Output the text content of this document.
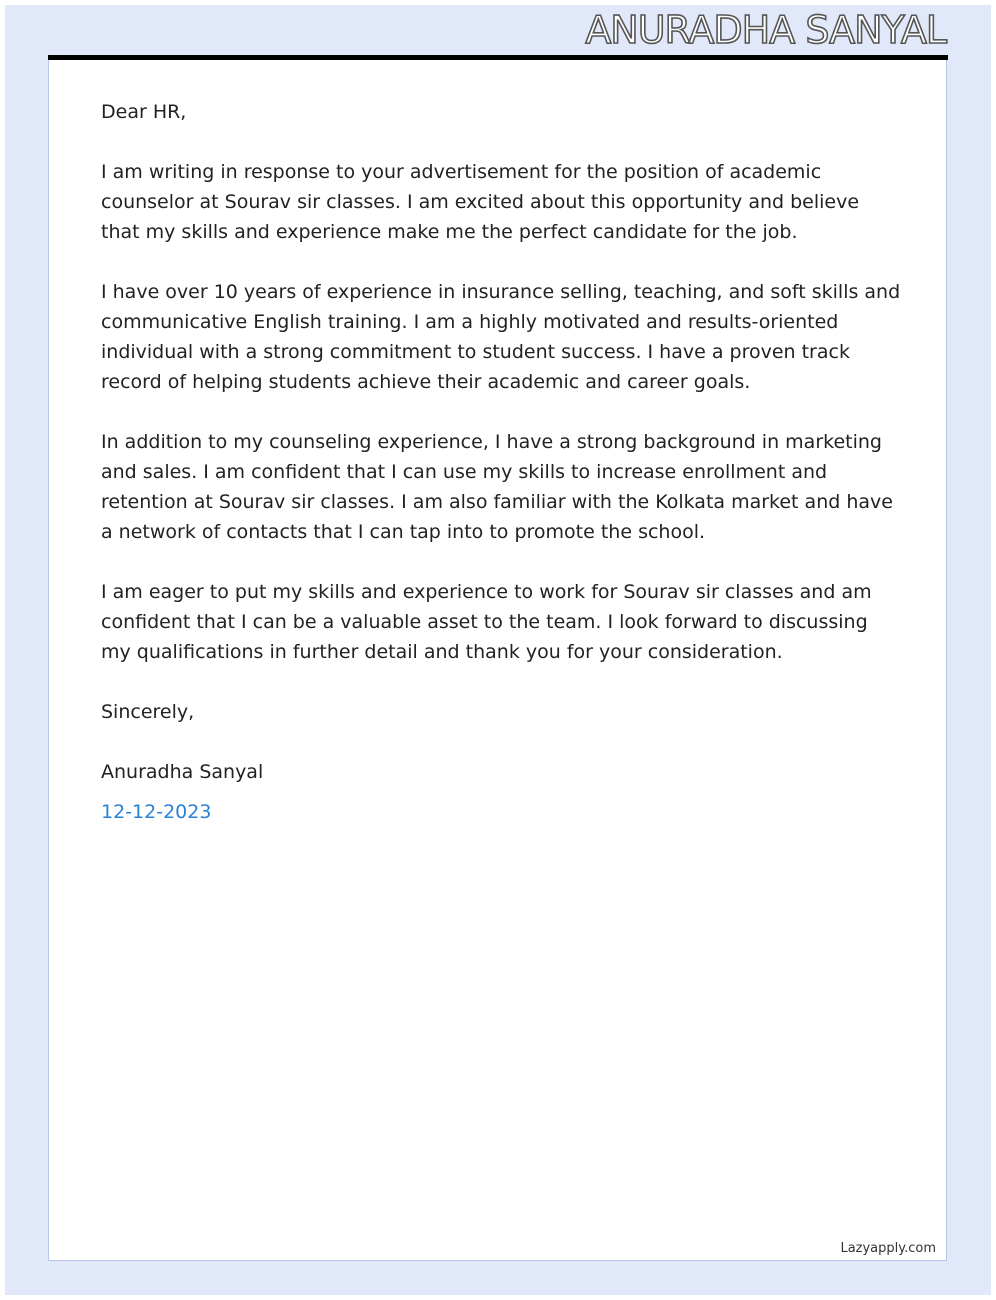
ANURADHA SANYAL

Dear HR,

I am writing in response to your advertisement for the position of academic counselor at Sourav sir classes. I am excited about this opportunity and believe that my skills and experience make me the perfect candidate for the job.

I have over 10 years of experience in insurance selling, teaching, and soft skills and communicative English training. I am a highly motivated and results-oriented individual with a strong commitment to student success. I have a proven track record of helping students achieve their academic and career goals.

In addition to my counseling experience, I have a strong background in marketing and sales. I am confident that I can use my skills to increase enrollment and retention at Sourav sir classes. I am also familiar with the Kolkata market and have a network of contacts that I can tap into to promote the school.

I am eager to put my skills and experience to work for Sourav sir classes and am confident that I can be a valuable asset to the team. I look forward to discussing my qualifications in further detail and thank you for your consideration.

Sincerely,

Anuradha Sanyal

12-12-2023

Lazyapply.com
